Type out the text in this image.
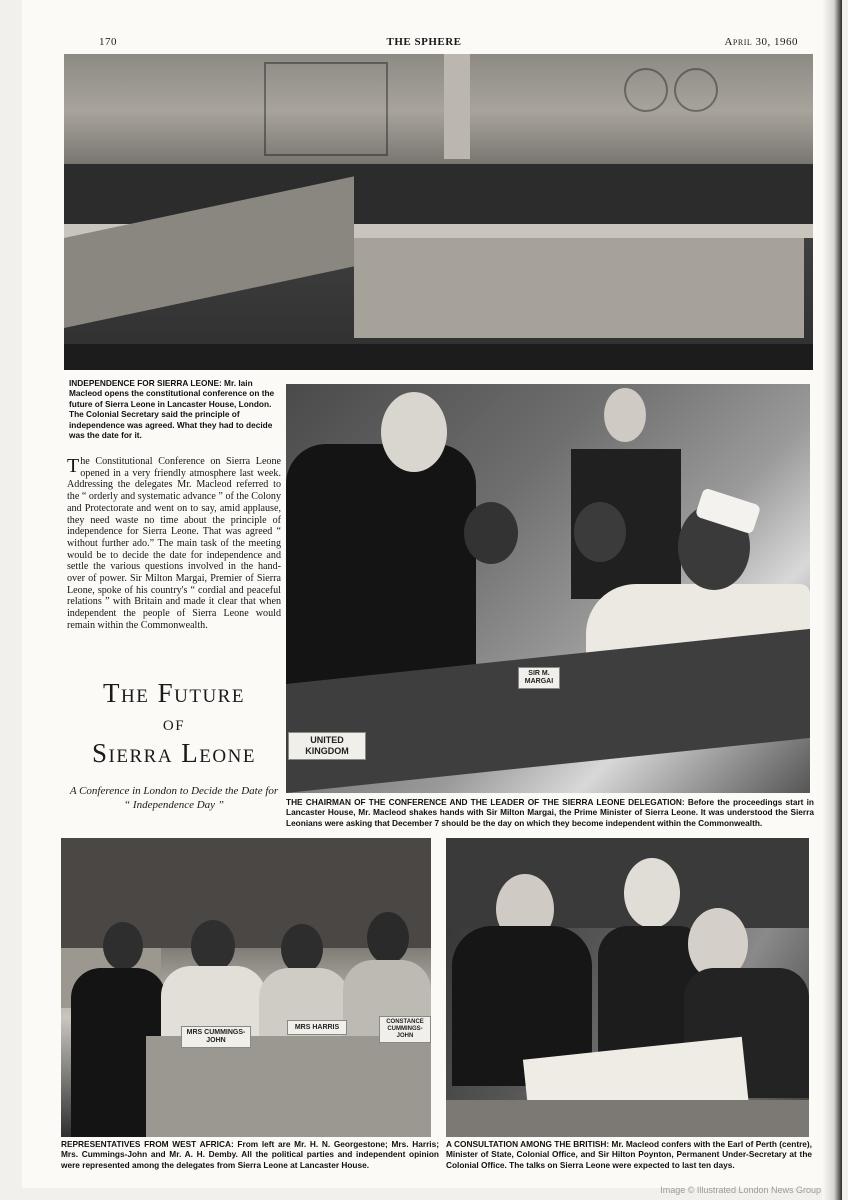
170	THE SPHERE	April 30, 1960
INDEPENDENCE FOR SIERRA LEONE: Mr. Iain Macleod opens the constitutional conference on the future of Sierra Leone in Lancaster House, London. The Colonial Secretary said the principle of independence was agreed. What they had to decide was the date for it.
The Constitutional Conference on Sierra Leone opened in a very friendly atmosphere last week. Addressing the delegates Mr. Macleod referred to the “ orderly and systematic advance ” of the Colony and Protectorate and went on to say, amid applause, they need waste no time about the principle of independence for Sierra Leone. That was agreed “ without further ado.” The main task of the meeting would be to decide the date for independence and settle the various questions involved in the hand-over of power. Sir Milton Margai, Premier of Sierra Leone, spoke of his country's “ cordial and peaceful relations ” with Britain and made it clear that when independent the people of Sierra Leone would remain within the Commonwealth.
The Future
of
Sierra Leone
A Conference in London to Decide the Date for “ Independence Day ”
UNITED KINGDOM
SIR M. MARGAI
THE CHAIRMAN OF THE CONFERENCE AND THE LEADER OF THE SIERRA LEONE DELEGATION: Before the proceedings start in Lancaster House, Mr. Macleod shakes hands with Sir Milton Margai, the Prime Minister of Sierra Leone. It was understood the Sierra Leonians were asking that December 7 should be the day on which they become independent within the Commonwealth.
MRS CUMMINGS-JOHN
MRS HARRIS
CONSTANCE CUMMINGS-JOHN
REPRESENTATIVES FROM WEST AFRICA: From left are Mr. H. N. Georgestone; Mrs. Harris; Mrs. Cummings-John and Mr. A. H. Demby. All the political parties and independent opinion were represented among the delegates from Sierra Leone at Lancaster House.
A CONSULTATION AMONG THE BRITISH: Mr. Macleod confers with the Earl of Perth (centre), Minister of State, Colonial Office, and Sir Hilton Poynton, Permanent Under-Secretary at the Colonial Office. The talks on Sierra Leone were expected to last ten days.
Image © Illustrated London News Group
